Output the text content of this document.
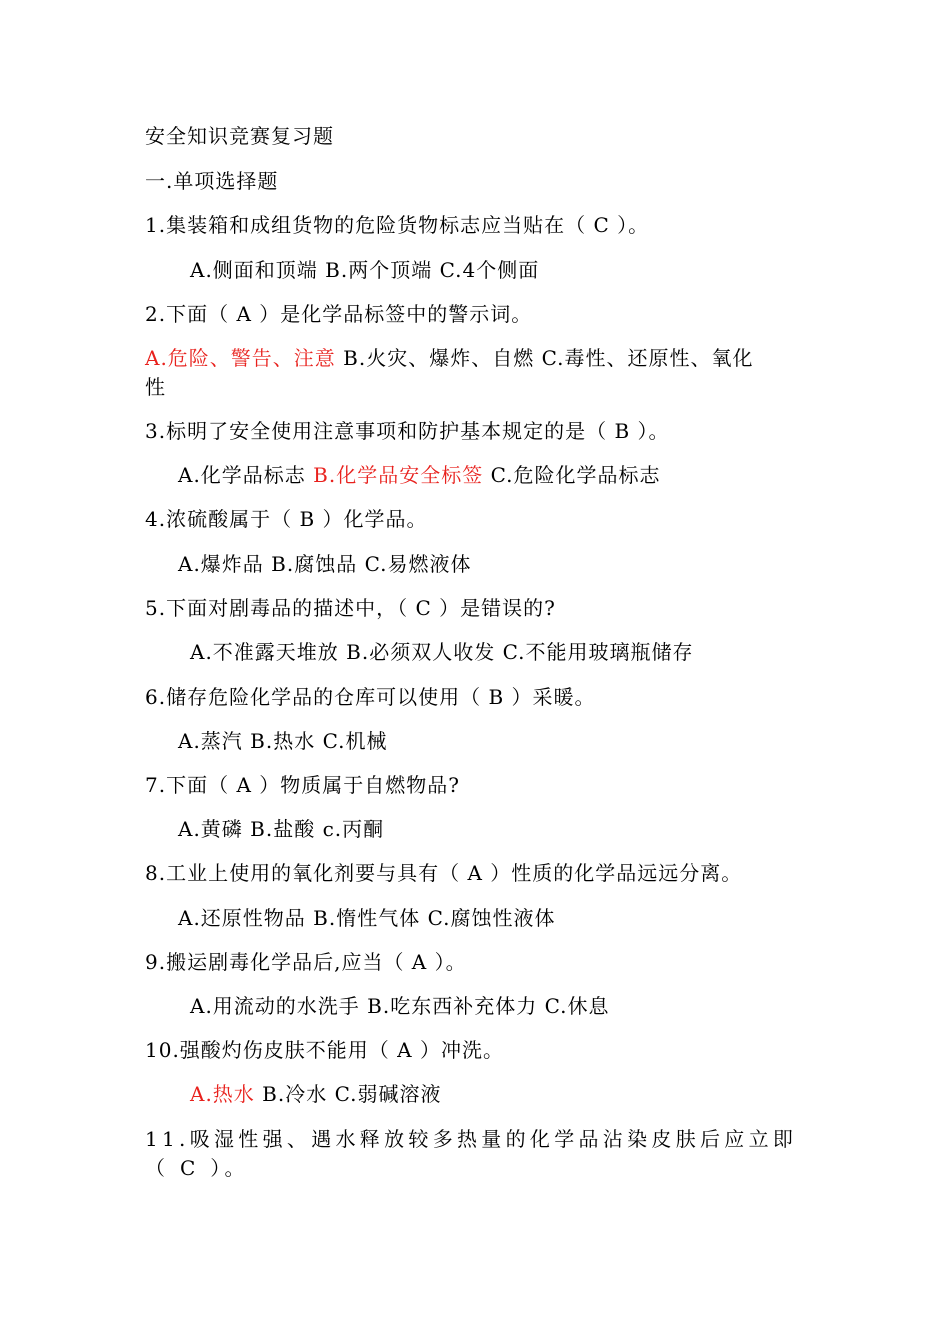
安全知识竞赛复习题
一.单项选择题
1.集装箱和成组货物的危险货物标志应当贴在（ C ）。
A.侧面和顶端 B.两个顶端 C.4个侧面
2.下面（ A ）是化学品标签中的警示词。
A.危险、警告、注意 B.火灾、爆炸、自燃 C.毒性、还原性、氧化
性
3.标明了安全使用注意事项和防护基本规定的是（ B ）。
A.化学品标志 B.化学品安全标签 C.危险化学品标志
4.浓硫酸属于（ B ）化学品。
A.爆炸品 B.腐蚀品 C.易燃液体
5.下面对剧毒品的描述中，（ C ）是错误的?
A.不准露天堆放 B.必须双人收发 C.不能用玻璃瓶储存
6.储存危险化学品的仓库可以使用（ B ）采暖。
A.蒸汽 B.热水 C.机械
7.下面（ A ）物质属于自燃物品?
A.黄磷 B.盐酸 c.丙酮
8.工业上使用的氧化剂要与具有（ A ）性质的化学品远远分离。
A.还原性物品 B.惰性气体 C.腐蚀性液体
9.搬运剧毒化学品后,应当（ A ）。
A.用流动的水洗手 B.吃东西补充体力 C.休息
10.强酸灼伤皮肤不能用（ A ）冲洗。
A.热水 B.冷水 C.弱碱溶液
11.吸湿性强、遇水释放较多热量的化学品沾染皮肤后应立即
（ C ）。
